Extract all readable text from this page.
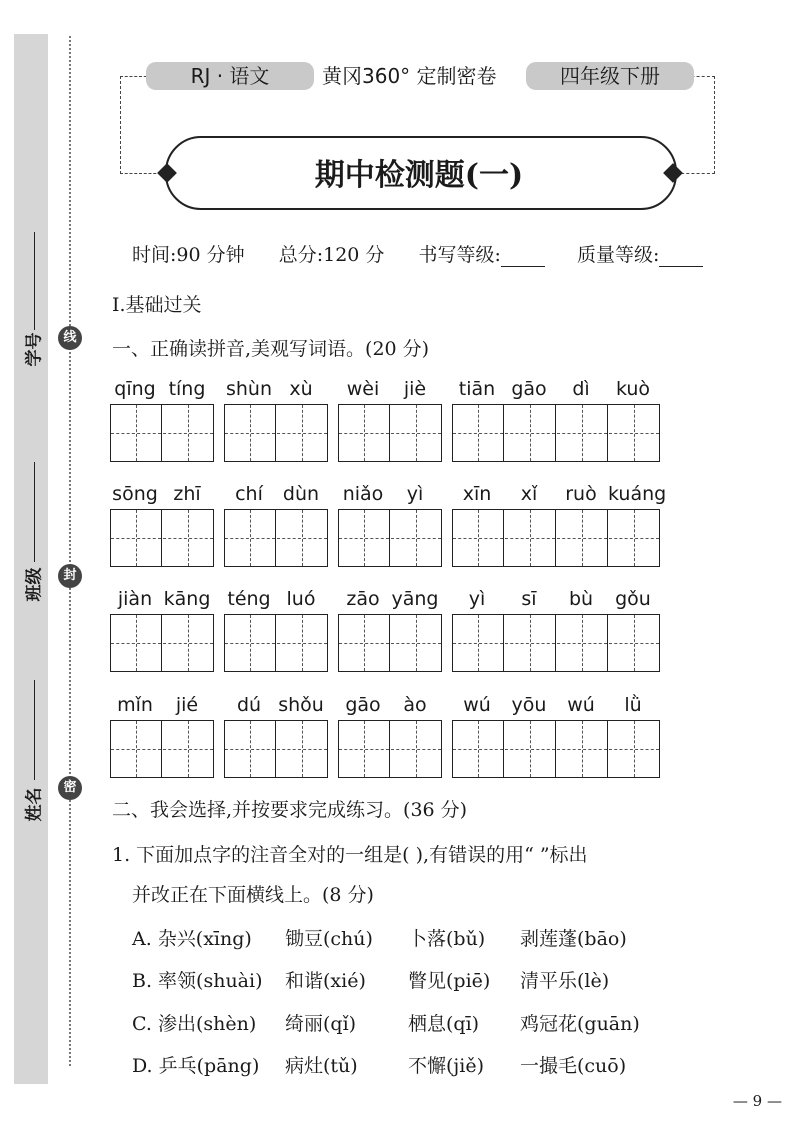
学号
班级
姓名
线
封
密
RJ · 语文	黄冈360° 定制密卷	四年级下册
期中检测题(一)
时间:90 分钟 总分:120 分 书写等级:	质量等级:
Ⅰ.基础过关
一、正确读拼音,美观写词语。(20 分)
qīng tíng	shùn xù	wèi	jiè	tiān gāo	dì	kuò
sōng zhī	chí	dùn	niǎo	yì	xīn	xǐ	ruò kuáng
jiàn kāng téng luó	zāo yāng	yì	sī	bù	gǒu
mǐn	jié	dú shǒu	gāo	ào	wú	yōu	wú	lǜ
二、我会选择,并按要求完成练习。(36 分)
1. 下面加点字的注音全对的一组是( ),有错误的用“ ”标出
并改正在下面横线上。(8 分)
A. 杂兴(xīng) 锄豆(chú) 卜落(bǔ) 剥莲蓬(bāo)
B. 率领(shuài) 和谐(xié) 瞥见(piē) 清平乐(lè)
C. 渗出(shèn) 绮丽(qǐ)	栖息(qī) 鸡冠花(guān)
D. 乒乓(pāng) 病灶(tǔ)	不懈(jiě) 一撮毛(cuō)
— 9 —
